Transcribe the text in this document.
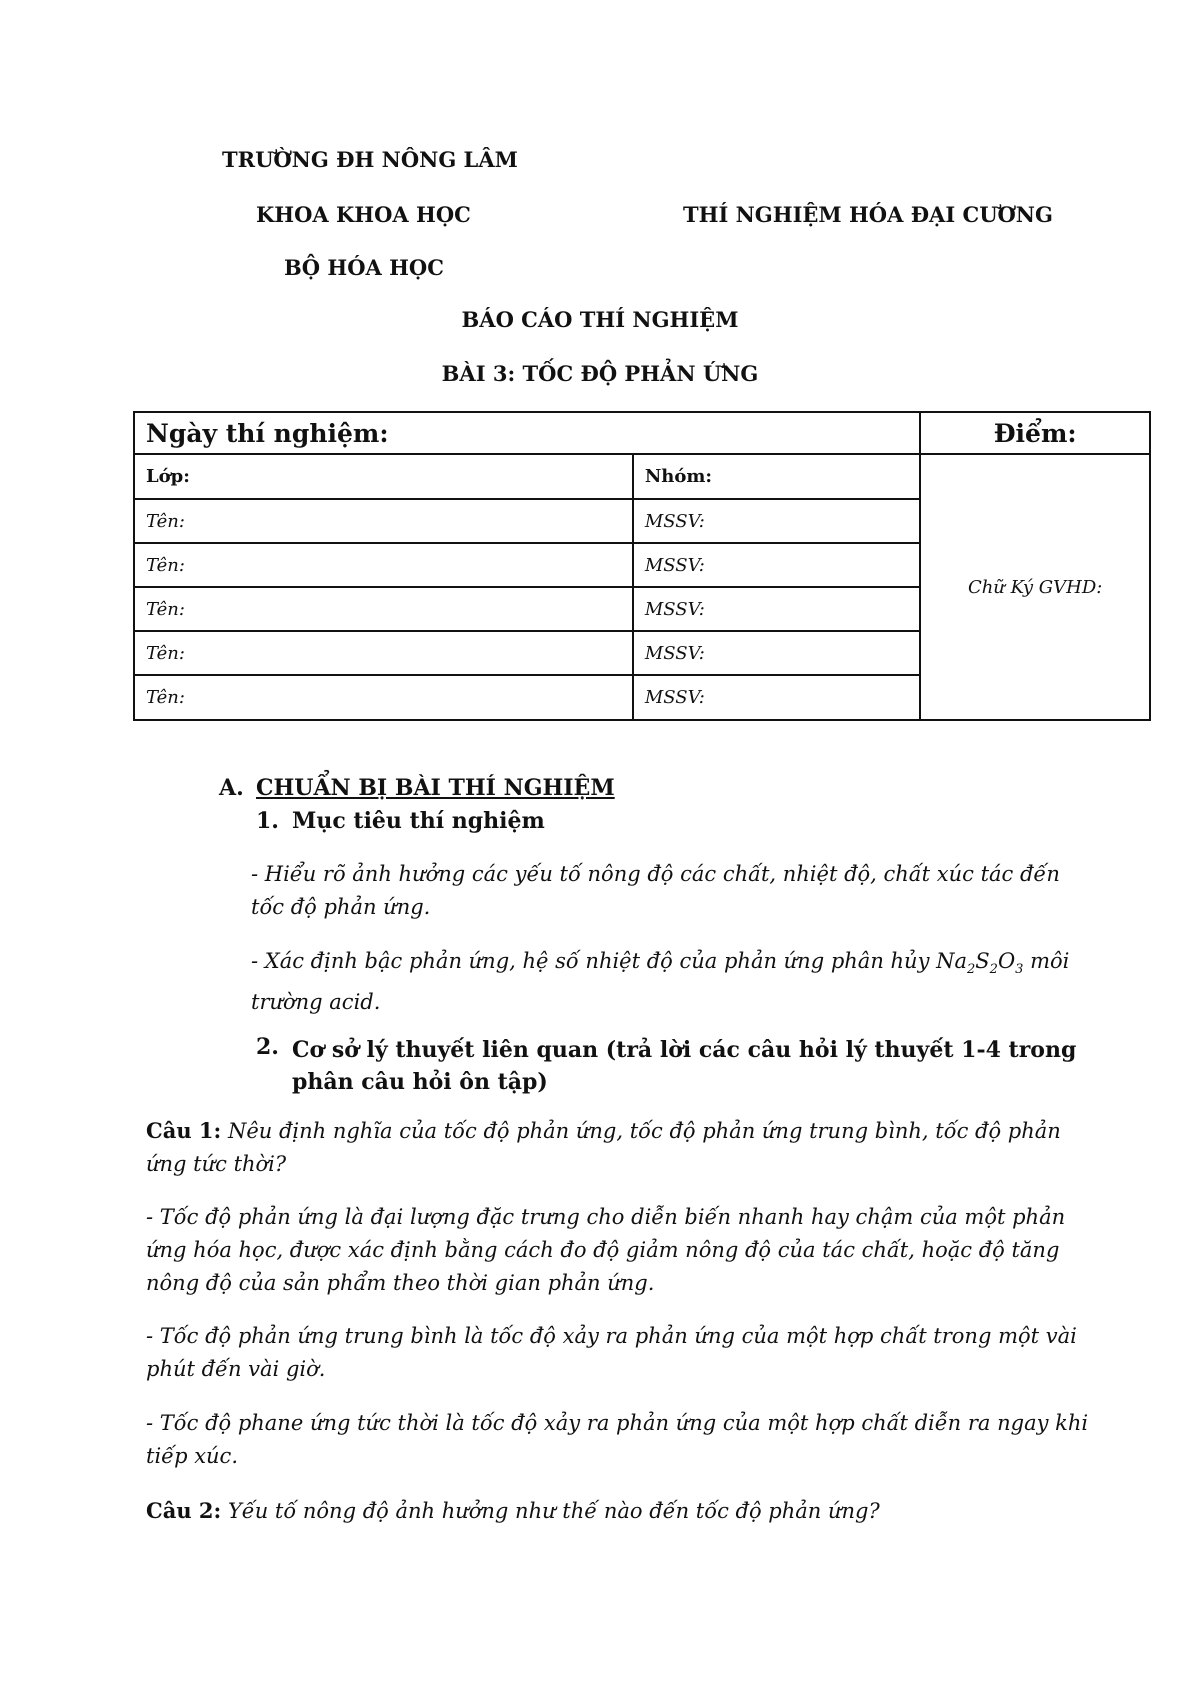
TRƯỜNG ĐH NÔNG LÂM
KHOA KHOA HỌC	THÍ NGHIỆM HÓA ĐẠI CƯƠNG
BỘ HÓA HỌC
BÁO CÁO THÍ NGHIỆM
BÀI 3: TỐC ĐỘ PHẢN ỨNG
Ngày thí nghiệm:		Điểm:
Lớp:	Nhóm:	Chữ Ký GVHD:
Tên:	MSSV:	
Tên:	MSSV:	
Tên:	MSSV:	
Tên:	MSSV:	
Tên:	MSSV:	
A. CHUẨN BỊ BÀI THÍ NGHIỆM
1. Mục tiêu thí nghiệm
- Hiểu rõ ảnh hưởng các yếu tố nông độ các chất, nhiệt độ, chất xúc tác đến tốc độ phản ứng.
- Xác định bậc phản ứng, hệ số nhiệt độ của phản ứng phân hủy $Na_2S_2O_3$ môi trường acid.
2. Cơ sở lý thuyết liên quan (trả lời các câu hỏi lý thuyết 1-4 trong phân câu hỏi ôn tập)
Câu 1: Nêu định nghĩa của tốc độ phản ứng, tốc độ phản ứng trung bình, tốc độ phản ứng tức thời?
- Tốc độ phản ứng là đại lượng đặc trưng cho diễn biến nhanh hay chậm của một phản ứng hóa học, được xác định bằng cách đo độ giảm nông độ của tác chất, hoặc độ tăng nông độ của sản phẩm theo thời gian phản ứng.
- Tốc độ phản ứng trung bình là tốc độ xảy ra phản ứng của một hợp chất trong một vài phút đến vài giờ.
- Tốc độ phane ứng tức thời là tốc độ xảy ra phản ứng của một hợp chất diễn ra ngay khi tiếp xúc.
Câu 2: Yếu tố nông độ ảnh hưởng như thế nào đến tốc độ phản ứng?
